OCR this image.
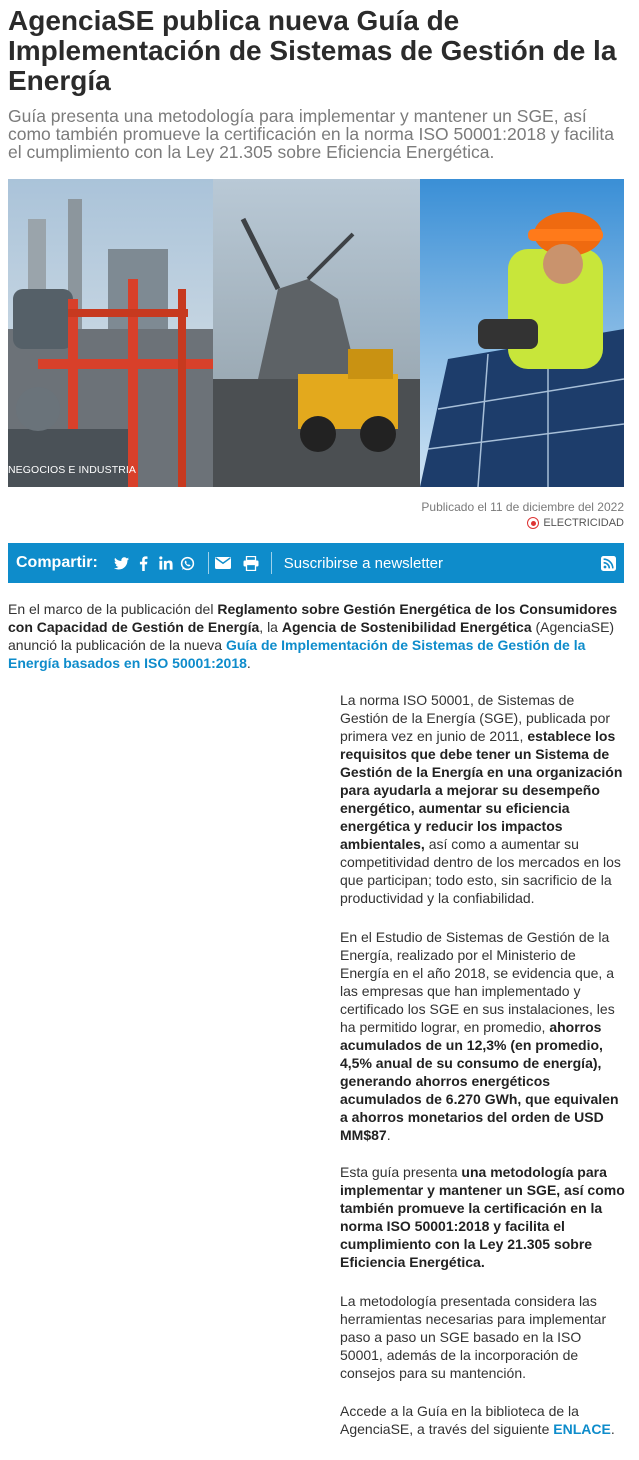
AgenciaSE publica nueva Guía de Implementación de Sistemas de Gestión de la Energía

Guía presenta una metodología para implementar y mantener un SGE, así como también promueve la certificación en la norma ISO 50001:2018 y facilita el cumplimiento con la Ley 21.305 sobre Eficiencia Energética.

NEGOCIOS E INDUSTRIA
Publicado el 11 de diciembre del 2022
ELECTRICIDAD
Compartir:	Suscribirse a newsletter

En el marco de la publicación del Reglamento sobre Gestión Energética de los Consumidores con Capacidad de Gestión de Energía, la Agencia de Sostenibilidad Energética (AgenciaSE) anunció la publicación de la nueva Guía de Implementación de Sistemas de Gestión de la Energía basados en ISO 50001:2018.

La norma ISO 50001, de Sistemas de Gestión de la Energía (SGE), publicada por primera vez en junio de 2011, establece los requisitos que debe tener un Sistema de Gestión de la Energía en una organización para ayudarla a mejorar su desempeño energético, aumentar su eficiencia energética y reducir los impactos ambientales, así como a aumentar su competitividad dentro de los mercados en los que participan; todo esto, sin sacrificio de la productividad y la confiabilidad.

En el Estudio de Sistemas de Gestión de la Energía, realizado por el Ministerio de Energía en el año 2018, se evidencia que, a las empresas que han implementado y certificado los SGE en sus instalaciones, les ha permitido lograr, en promedio, ahorros acumulados de un 12,3% (en promedio, 4,5% anual de su consumo de energía), generando ahorros energéticos acumulados de 6.270 GWh, que equivalen a ahorros monetarios del orden de USD MM$87.

Esta guía presenta una metodología para implementar y mantener un SGE, así como también promueve la certificación en la norma ISO 50001:2018 y facilita el cumplimiento con la Ley 21.305 sobre Eficiencia Energética.

La metodología presentada considera las herramientas necesarias para implementar paso a paso un SGE basado en la ISO 50001, además de la incorporación de consejos para su mantención.

Accede a la Guía en la biblioteca de la AgenciaSE, a través del siguiente ENLACE.
